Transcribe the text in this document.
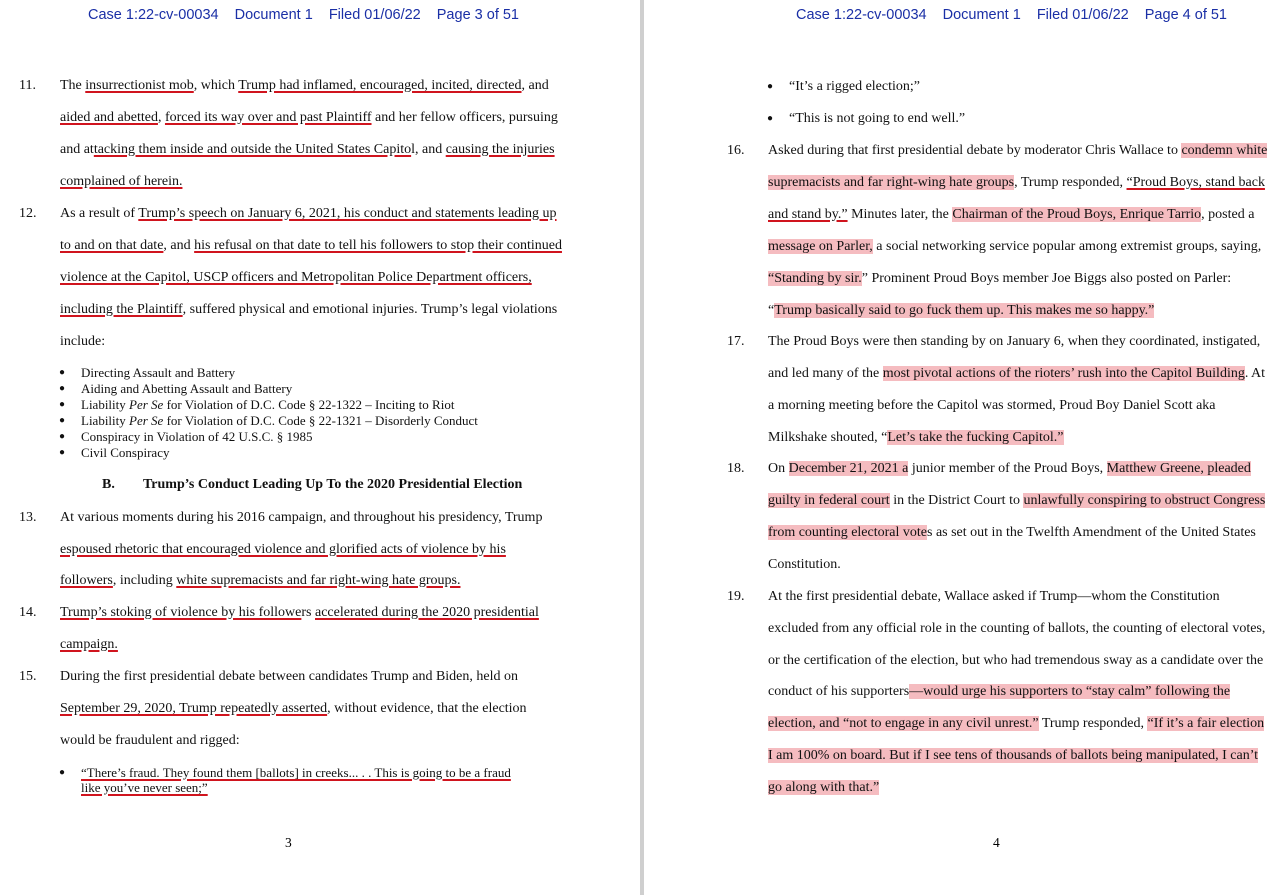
Case 1:22-cv-00034 Document 1 Filed 01/06/22 Page 3 of 51
11. The insurrectionist mob, which Trump had inflamed, encouraged, incited, directed, and
aided and abetted, forced its way over and past Plaintiff and her fellow officers, pursuing
and attacking them inside and outside the United States Capitol, and causing the injuries
complained of herein.
12. As a result of Trump’s speech on January 6, 2021, his conduct and statements leading up
to and on that date, and his refusal on that date to tell his followers to stop their continued
violence at the Capitol, USCP officers and Metropolitan Police Department officers,
including the Plaintiff, suffered physical and emotional injuries. Trump’s legal violations
include:
● Directing Assault and Battery
● Aiding and Abetting Assault and Battery
● Liability Per Se for Violation of D.C. Code § 22-1322 – Inciting to Riot
● Liability Per Se for Violation of D.C. Code § 22-1321 – Disorderly Conduct
● Conspiracy in Violation of 42 U.S.C. § 1985
● Civil Conspiracy
B. Trump’s Conduct Leading Up To the 2020 Presidential Election
13. At various moments during his 2016 campaign, and throughout his presidency, Trump
espoused rhetoric that encouraged violence and glorified acts of violence by his
followers, including white supremacists and far right-wing hate groups.
14. Trump’s stoking of violence by his followers accelerated during the 2020 presidential
campaign.
15. During the first presidential debate between candidates Trump and Biden, held on
September 29, 2020, Trump repeatedly asserted, without evidence, that the election
would be fraudulent and rigged:
● “There’s fraud. They found them [ballots] in creeks... . . This is going to be a fraud
like you’ve never seen;”
3
Case 1:22-cv-00034 Document 1 Filed 01/06/22 Page 4 of 51
● “It’s a rigged election;”
● “This is not going to end well.”
16. Asked during that first presidential debate by moderator Chris Wallace to condemn white
supremacists and far right-wing hate groups, Trump responded, “Proud Boys, stand back
and stand by.” Minutes later, the Chairman of the Proud Boys, Enrique Tarrio, posted a
message on Parler, a social networking service popular among extremist groups, saying,
“Standing by sir.” Prominent Proud Boys member Joe Biggs also posted on Parler:
“Trump basically said to go fuck them up. This makes me so happy.”
17. The Proud Boys were then standing by on January 6, when they coordinated, instigated,
and led many of the most pivotal actions of the rioters’ rush into the Capitol Building. At
a morning meeting before the Capitol was stormed, Proud Boy Daniel Scott aka
Milkshake shouted, “Let’s take the fucking Capitol.”
18. On December 21, 2021 a junior member of the Proud Boys, Matthew Greene, pleaded
guilty in federal court in the District Court to unlawfully conspiring to obstruct Congress
from counting electoral votes as set out in the Twelfth Amendment of the United States
Constitution.
19. At the first presidential debate, Wallace asked if Trump—whom the Constitution
excluded from any official role in the counting of ballots, the counting of electoral votes,
or the certification of the election, but who had tremendous sway as a candidate over the
conduct of his supporters—would urge his supporters to “stay calm” following the
election, and “not to engage in any civil unrest.” Trump responded, “If it’s a fair election
I am 100% on board. But if I see tens of thousands of ballots being manipulated, I can’t
go along with that.”
4
